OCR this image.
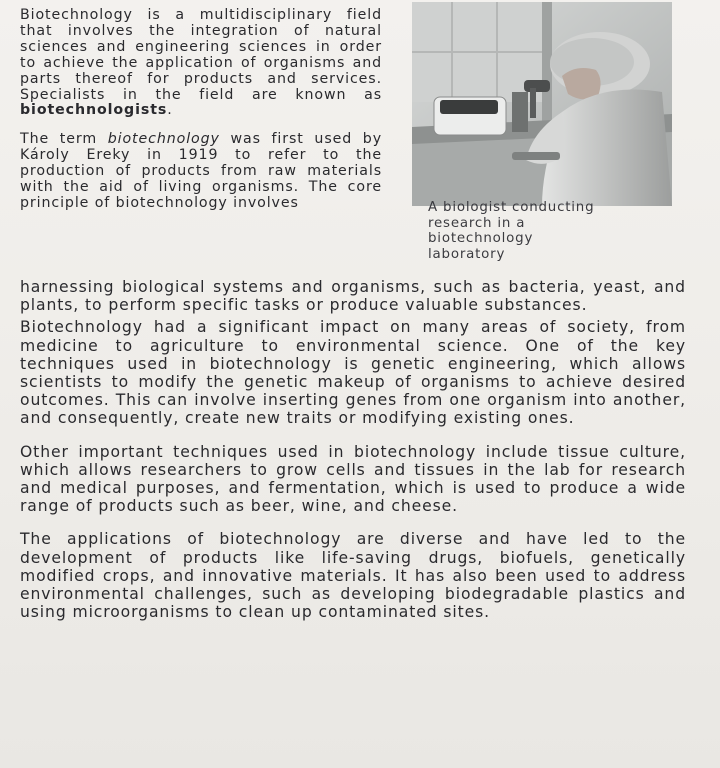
Biotechnology is a multidisciplinary field that involves the integration of natural sciences and engineering sciences in order to achieve the application of organisms and parts thereof for products and services. Specialists in the field are known as biotechnologists.

The term biotechnology was first used by Károly Ereky in 1919 to refer to the production of products from raw materials with the aid of living organisms. The core principle of biotechnology involves	A biologist conducting
research in a
biotechnology
laboratory

harnessing biological systems and organisms, such as bacteria, yeast, and plants, to perform specific tasks or produce valuable substances.

Biotechnology had a significant impact on many areas of society, from medicine to agriculture to environmental science. One of the key techniques used in biotechnology is genetic engineering, which allows scientists to modify the genetic makeup of organisms to achieve desired outcomes. This can involve inserting genes from one organism into another, and consequently, create new traits or modifying existing ones.

Other important techniques used in biotechnology include tissue culture, which allows researchers to grow cells and tissues in the lab for research and medical purposes, and fermentation, which is used to produce a wide range of products such as beer, wine, and cheese.

The applications of biotechnology are diverse and have led to the development of products like life-saving drugs, biofuels, genetically modified crops, and innovative materials. It has also been used to address environmental challenges, such as developing biodegradable plastics and using microorganisms to clean up contaminated sites.
